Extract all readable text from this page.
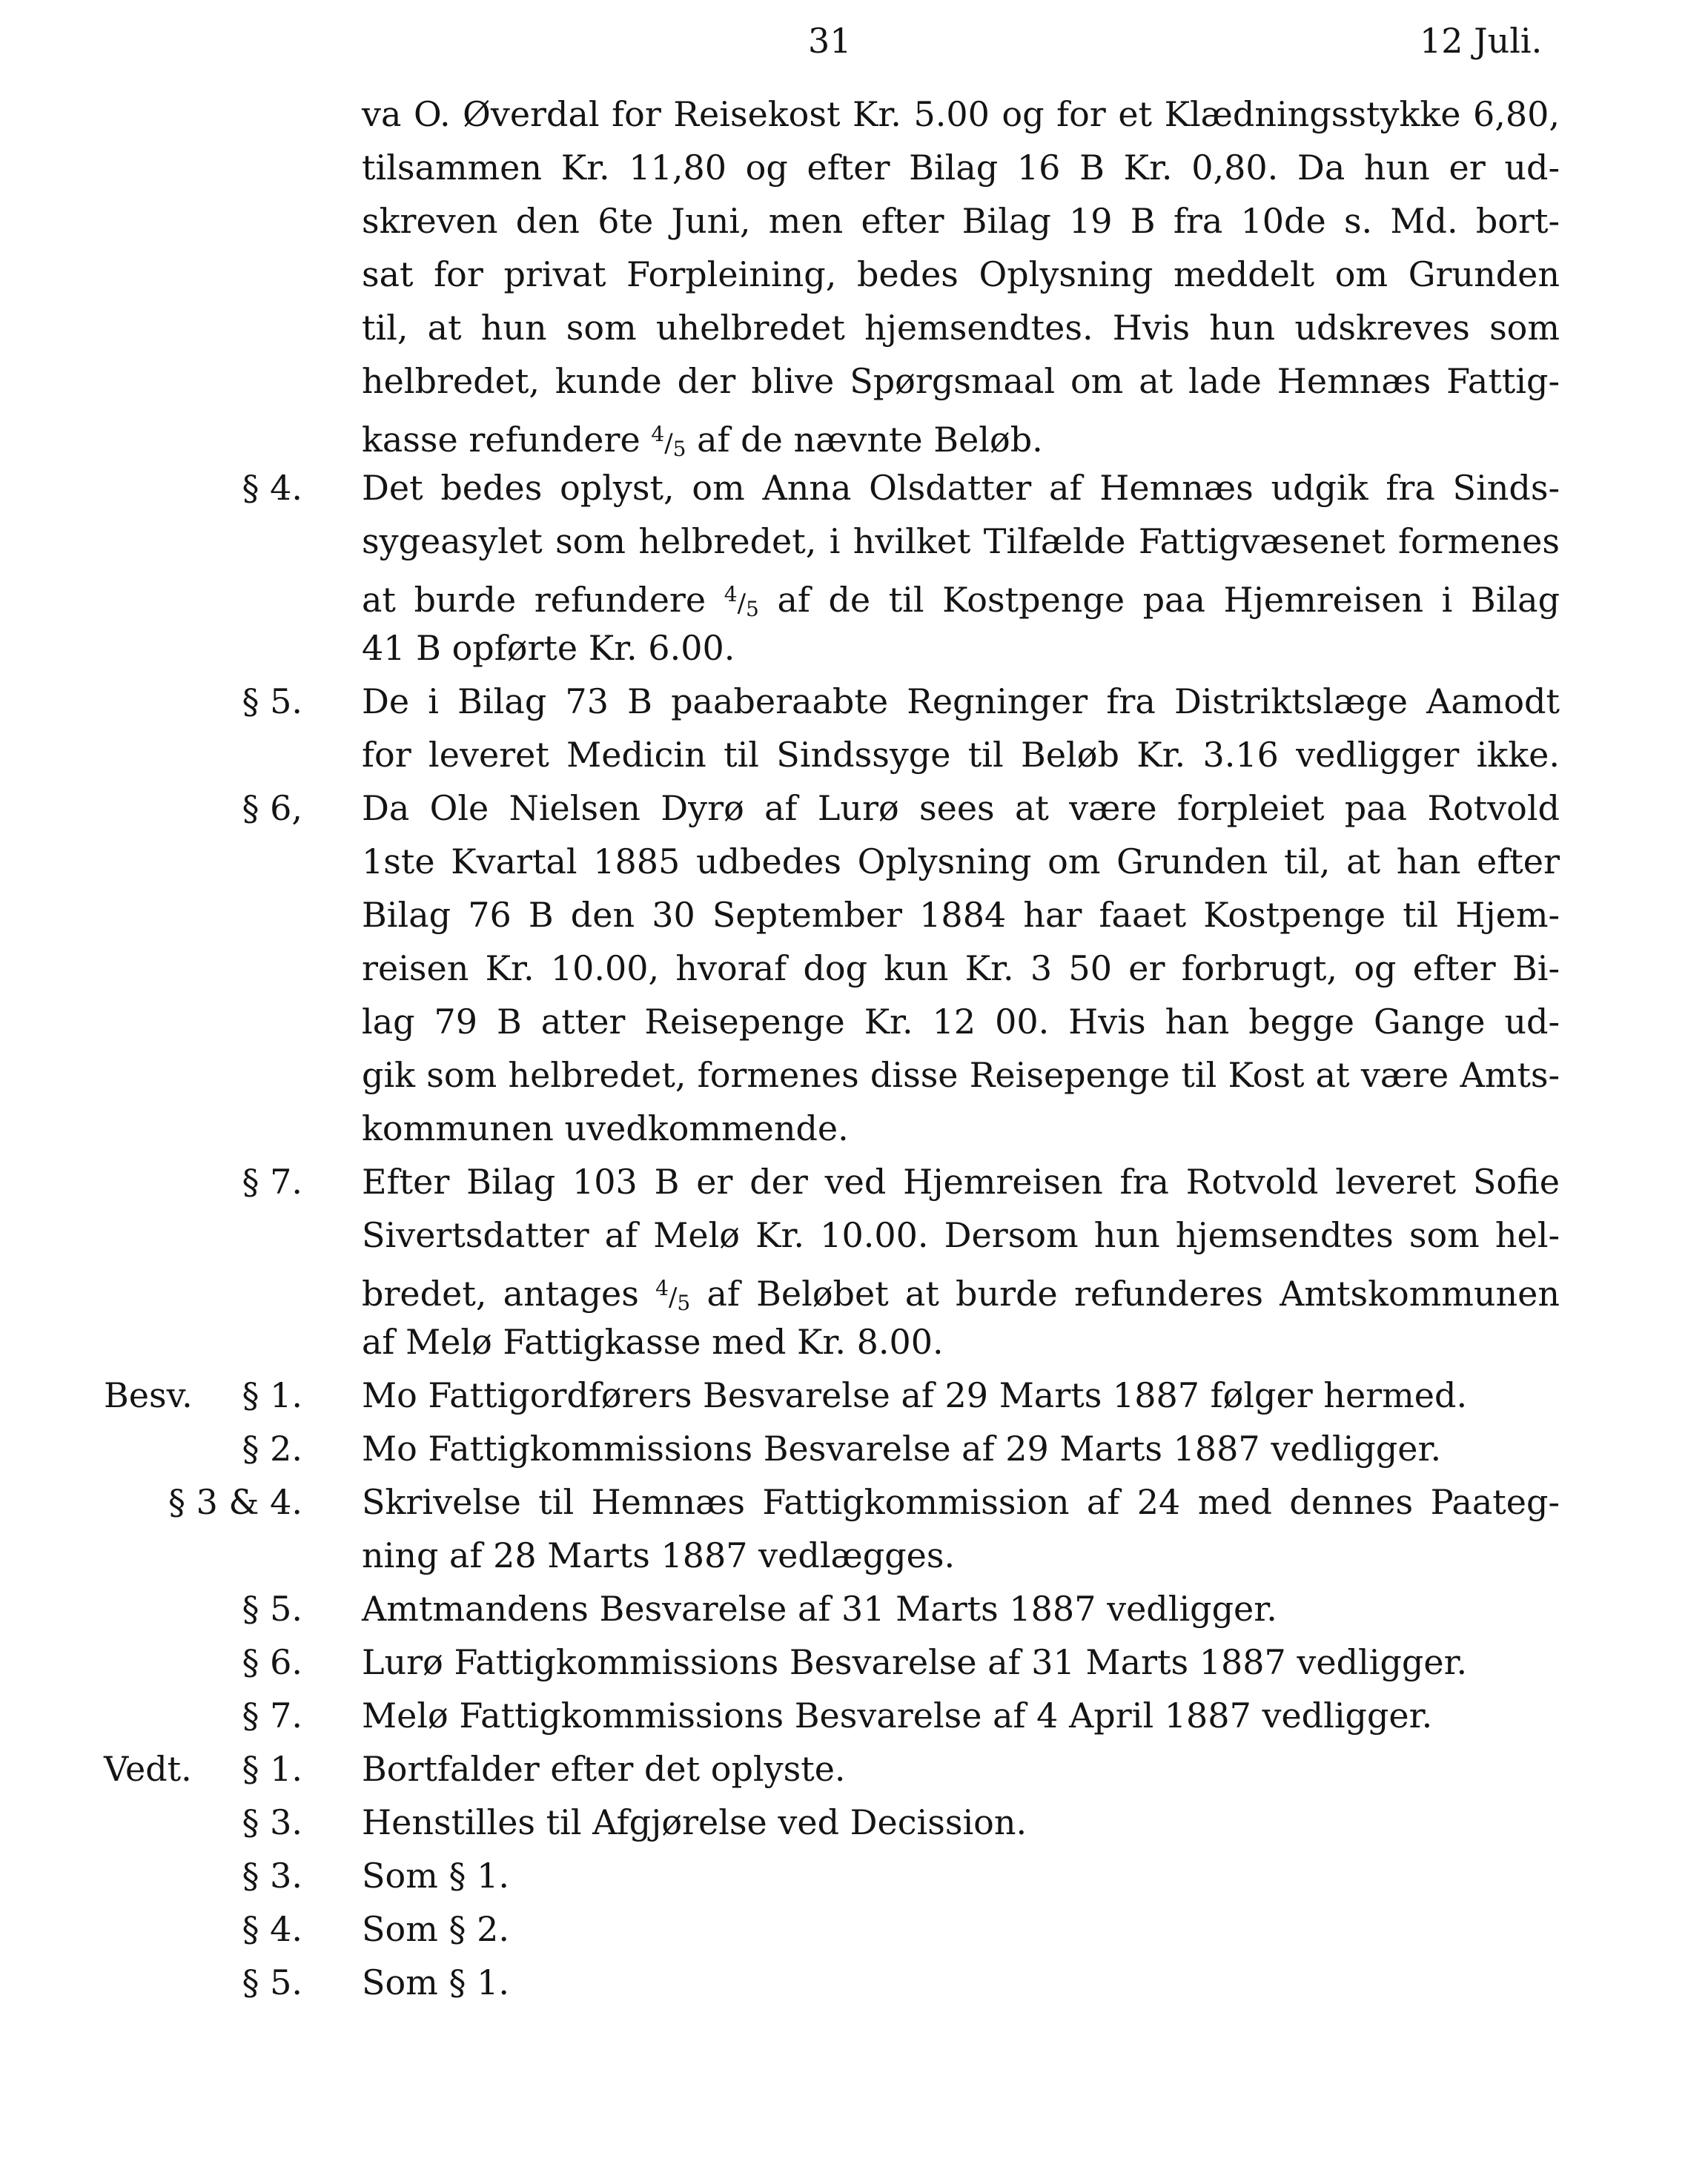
31	12 Juli.
va O. Øverdal for Reisekost Kr. 5.00 og for et Klædningsstykke 6,80,
tilsammen Kr. 11,80 og efter Bilag 16 B Kr. 0,80. Da hun er ud-
skreven den 6te Juni, men efter Bilag 19 B fra 10de s. Md. bort-
sat for privat Forpleining, bedes Oplysning meddelt om Grunden
til, at hun som uhelbredet hjemsendtes. Hvis hun udskreves som
helbredet, kunde der blive Spørgsmaal om at lade Hemnæs Fattig-
kasse refundere $^4/_5$ af de nævnte Beløb.
§ 4. Det bedes oplyst, om Anna Olsdatter af Hemnæs udgik fra Sinds-
sygeasylet som helbredet, i hvilket Tilfælde Fattigvæsenet formenes
at burde refundere $^4/_5$ af de til Kostpenge paa Hjemreisen i Bilag
41 B opførte Kr. 6.00.
§ 5. De i Bilag 73 B paaberaabte Regninger fra Distriktslæge Aamodt
for leveret Medicin til Sindssyge til Beløb Kr. 3.16 vedligger ikke.
§ 6, Da Ole Nielsen Dyrø af Lurø sees at være forpleiet paa Rotvold
1ste Kvartal 1885 udbedes Oplysning om Grunden til, at han efter
Bilag 76 B den 30 September 1884 har faaet Kostpenge til Hjem-
reisen Kr. 10.00, hvoraf dog kun Kr. 3 50 er forbrugt, og efter Bi-
lag 79 B atter Reisepenge Kr. 12 00. Hvis han begge Gange ud-
gik som helbredet, formenes disse Reisepenge til Kost at være Amts-
kommunen uvedkommende.
§ 7. Efter Bilag 103 B er der ved Hjemreisen fra Rotvold leveret Sofie
Sivertsdatter af Melø Kr. 10.00. Dersom hun hjemsendtes som hel-
bredet, antages $^4/_5$ af Beløbet at burde refunderes Amtskommunen
af Melø Fattigkasse med Kr. 8.00.
Besv.	§ 1. Mo Fattigordførers Besvarelse af 29 Marts 1887 følger hermed.
§ 2. Mo Fattigkommissions Besvarelse af 29 Marts 1887 vedligger.
§ 3 & 4. Skrivelse til Hemnæs Fattigkommission af 24 med dennes Paateg-
ning af 28 Marts 1887 vedlægges.
§ 5. Amtmandens Besvarelse af 31 Marts 1887 vedligger.
§ 6. Lurø Fattigkommissions Besvarelse af 31 Marts 1887 vedligger.
§ 7. Melø Fattigkommissions Besvarelse af 4 April 1887 vedligger.
Vedt.	§ 1. Bortfalder efter det oplyste.
§ 3. Henstilles til Afgjørelse ved Decission.
§ 3. Som § 1.
§ 4. Som § 2.
§ 5. Som § 1.
